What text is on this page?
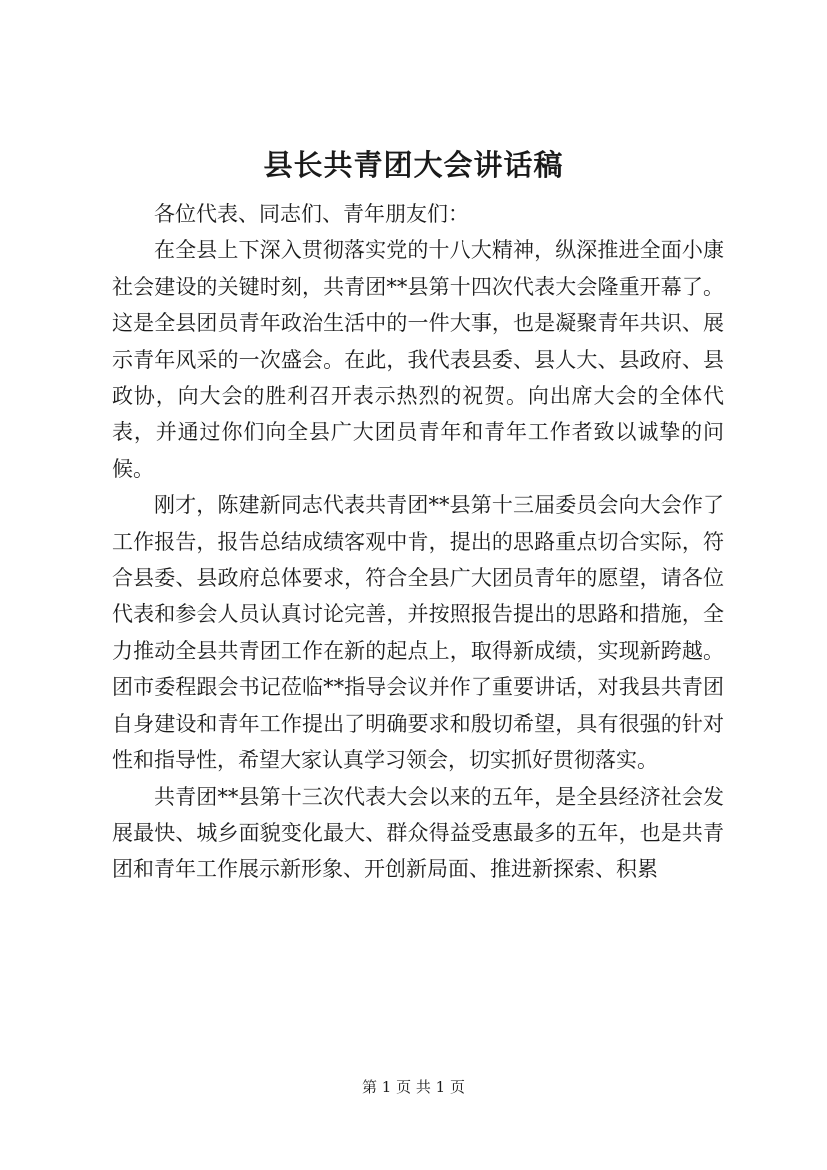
县长共青团大会讲话稿

各位代表、同志们、青年朋友们：

在全县上下深入贯彻落实党的十八大精神，纵深推进全面小康社会建设的关键时刻，共青团**县第十四次代表大会隆重开幕了。这是全县团员青年政治生活中的一件大事，也是凝聚青年共识、展示青年风采的一次盛会。在此，我代表县委、县人大、县政府、县政协，向大会的胜利召开表示热烈的祝贺。向出席大会的全体代表，并通过你们向全县广大团员青年和青年工作者致以诚挚的问候。

刚才，陈建新同志代表共青团**县第十三届委员会向大会作了工作报告，报告总结成绩客观中肯，提出的思路重点切合实际，符合县委、县政府总体要求，符合全县广大团员青年的愿望，请各位代表和参会人员认真讨论完善，并按照报告提出的思路和措施，全力推动全县共青团工作在新的起点上，取得新成绩，实现新跨越。团市委程跟会书记莅临**指导会议并作了重要讲话，对我县共青团自身建设和青年工作提出了明确要求和殷切希望，具有很强的针对性和指导性，希望大家认真学习领会，切实抓好贯彻落实。

共青团**县第十三次代表大会以来的五年，是全县经济社会发展最快、城乡面貌变化最大、群众得益受惠最多的五年，也是共青团和青年工作展示新形象、开创新局面、推进新探索、积累

第 1 页 共 1 页
